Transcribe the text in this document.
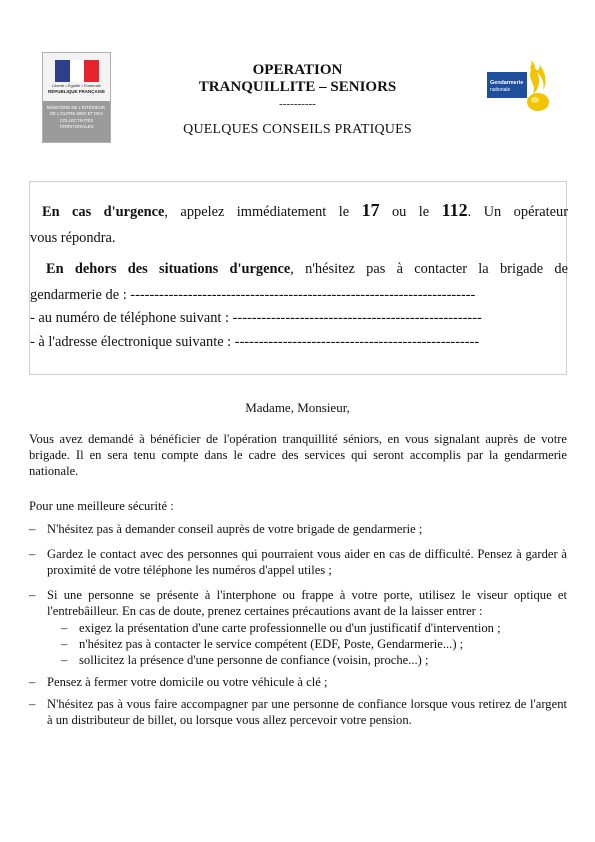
Liberté • Égalité • Fraternité
RÉPUBLIQUE FRANÇAISE
MINISTÈRE DE L'INTÉRIEUR, DE L'OUTRE-MER ET DES COLLECTIVITÉS TERRITORIALES
OPERATION
TRANQUILLITE – SENIORS
----------
QUELQUES CONSEILS PRATIQUES
Gendarmerie
nationale
En cas d'urgence, appelez immédiatement le 17 ou le 112. Un opérateur
vous répondra.
En dehors des situations d'urgence, n'hésitez pas à contacter la brigade de
gendarmerie de : ------------------------------------------------------------------------
- au numéro de téléphone suivant : ----------------------------------------------------
- à l'adresse électronique suivante : ---------------------------------------------------
Madame, Monsieur,
Vous avez demandé à bénéficier de l'opération tranquillité séniors, en vous signalant auprès de votre brigade. Il en sera tenu compte dans le cadre des services qui seront accomplis par la gendarmerie nationale.
Pour une meilleure sécurité :
– N'hésitez pas à demander conseil auprès de votre brigade de gendarmerie ;
– Gardez le contact avec des personnes qui pourraient vous aider en cas de difficulté. Pensez à garder à proximité de votre téléphone les numéros d'appel utiles ;
– Si une personne se présente à l'interphone ou frappe à votre porte, utilisez le viseur optique et l'entrebâilleur. En cas de doute, prenez certaines précautions avant de la laisser entrer :
– exigez la présentation d'une carte professionnelle ou d'un justificatif d'intervention ;
– n'hésitez pas à contacter le service compétent (EDF, Poste, Gendarmerie...) ;
– sollicitez la présence d'une personne de confiance (voisin, proche...) ;
– Pensez à fermer votre domicile ou votre véhicule à clé ;
– N'hésitez pas à vous faire accompagner par une personne de confiance lorsque vous retirez de l'argent à un distributeur de billet, ou lorsque vous allez percevoir votre pension.
